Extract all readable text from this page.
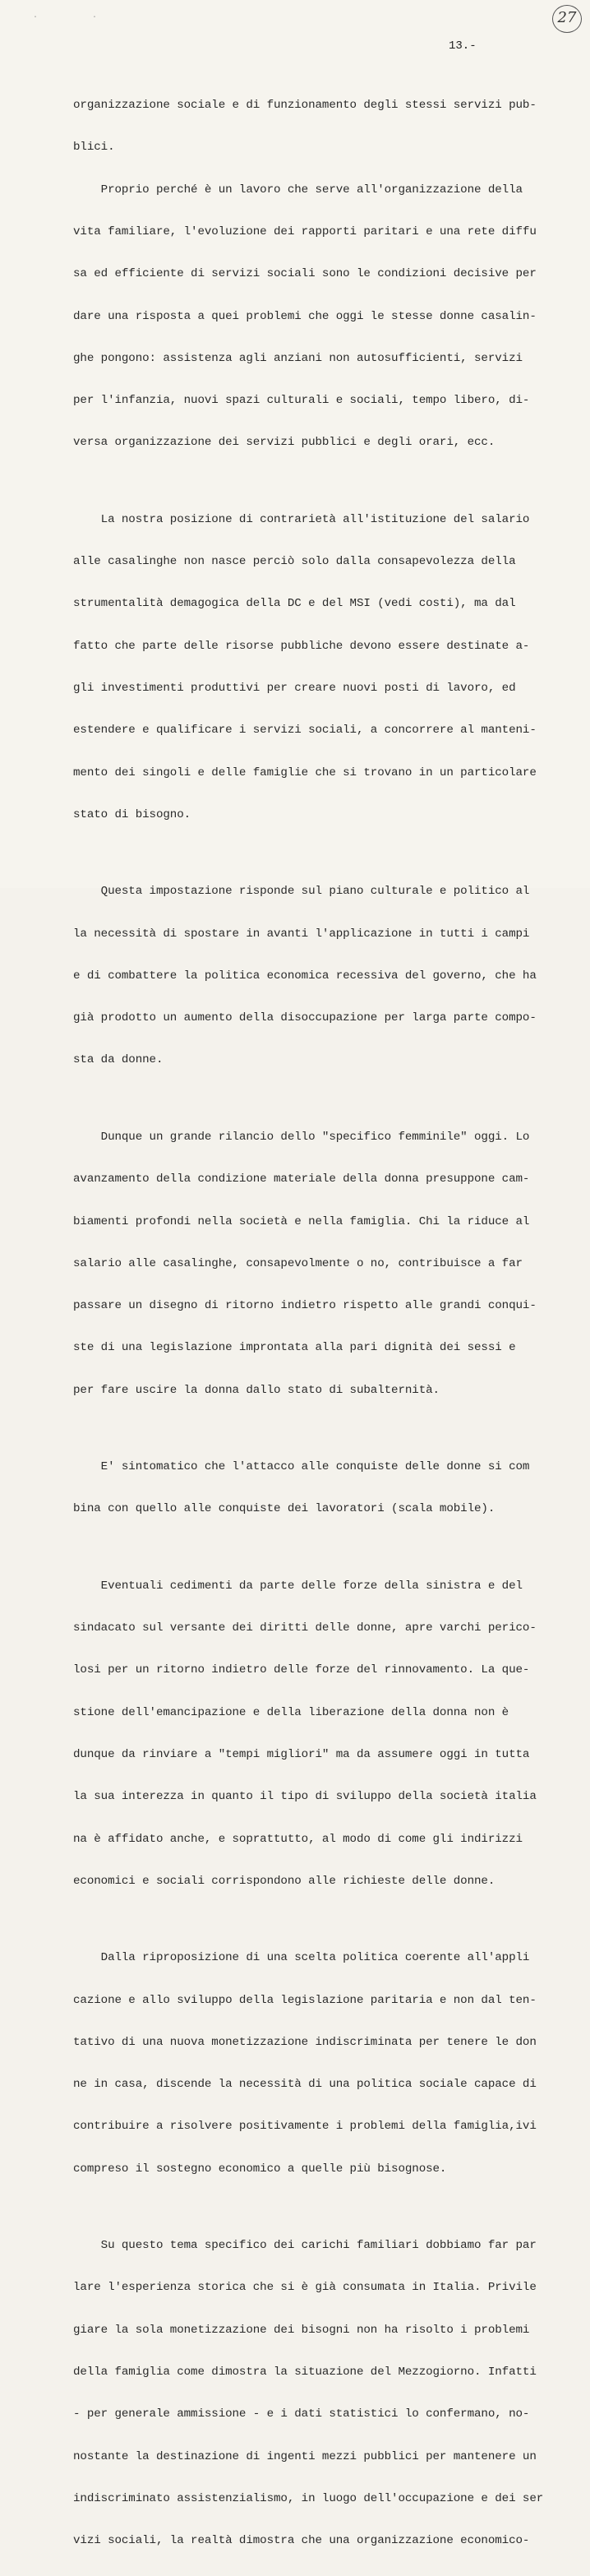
· ·	27
13.-

organizzazione sociale e di funzionamento degli stessi servizi pub-

blici.

Proprio perché è un lavoro che serve all'organizzazione della

vita familiare, l'evoluzione dei rapporti paritari e una rete diffu

sa ed efficiente di servizi sociali sono le condizioni decisive per

dare una risposta a quei problemi che oggi le stesse donne casalin-

ghe pongono: assistenza agli anziani non autosufficienti, servizi

per l'infanzia, nuovi spazi culturali e sociali, tempo libero, di-

versa organizzazione dei servizi pubblici e degli orari, ecc.

La nostra posizione di contrarietà all'istituzione del salario

alle casalinghe non nasce perciò solo dalla consapevolezza della

strumentalità demagogica della DC e del MSI (vedi costi), ma dal

fatto che parte delle risorse pubbliche devono essere destinate a-

gli investimenti produttivi per creare nuovi posti di lavoro, ed

estendere e qualificare i servizi sociali, a concorrere al manteni-

mento dei singoli e delle famiglie che si trovano in un particolare

stato di bisogno.

Questa impostazione risponde sul piano culturale e politico al

la necessità di spostare in avanti l'applicazione in tutti i campi

e di combattere la politica economica recessiva del governo, che ha

già prodotto un aumento della disoccupazione per larga parte compo-

sta da donne.

Dunque un grande rilancio dello "specifico femminile" oggi. Lo

avanzamento della condizione materiale della donna presuppone cam-

biamenti profondi nella società e nella famiglia. Chi la riduce al

salario alle casalinghe, consapevolmente o no, contribuisce a far

passare un disegno di ritorno indietro rispetto alle grandi conqui-

ste di una legislazione improntata alla pari dignità dei sessi e

per fare uscire la donna dallo stato di subalternità.

E' sintomatico che l'attacco alle conquiste delle donne si com

bina con quello alle conquiste dei lavoratori (scala mobile).

Eventuali cedimenti da parte delle forze della sinistra e del

sindacato sul versante dei diritti delle donne, apre varchi perico-

losi per un ritorno indietro delle forze del rinnovamento. La que-

stione dell'emancipazione e della liberazione della donna non è

dunque da rinviare a "tempi migliori" ma da assumere oggi in tutta

la sua interezza in quanto il tipo di sviluppo della società italia

na è affidato anche, e soprattutto, al modo di come gli indirizzi

economici e sociali corrispondono alle richieste delle donne.

Dalla riproposizione di una scelta politica coerente all'appli

cazione e allo sviluppo della legislazione paritaria e non dal ten-

tativo di una nuova monetizzazione indiscriminata per tenere le don

ne in casa, discende la necessità di una politica sociale capace di

contribuire a risolvere positivamente i problemi della famiglia,ivi

compreso il sostegno economico a quelle più bisognose.

Su questo tema specifico dei carichi familiari dobbiamo far par

lare l'esperienza storica che si è già consumata in Italia. Privile

giare la sola monetizzazione dei bisogni non ha risolto i problemi

della famiglia come dimostra la situazione del Mezzogiorno. Infatti

- per generale ammissione - e i dati statistici lo confermano, no-

nostante la destinazione di ingenti mezzi pubblici per mantenere un

indiscriminato assistenzialismo, in luogo dell'occupazione e dei ser

vizi sociali, la realtà dimostra che una organizzazione economico-
